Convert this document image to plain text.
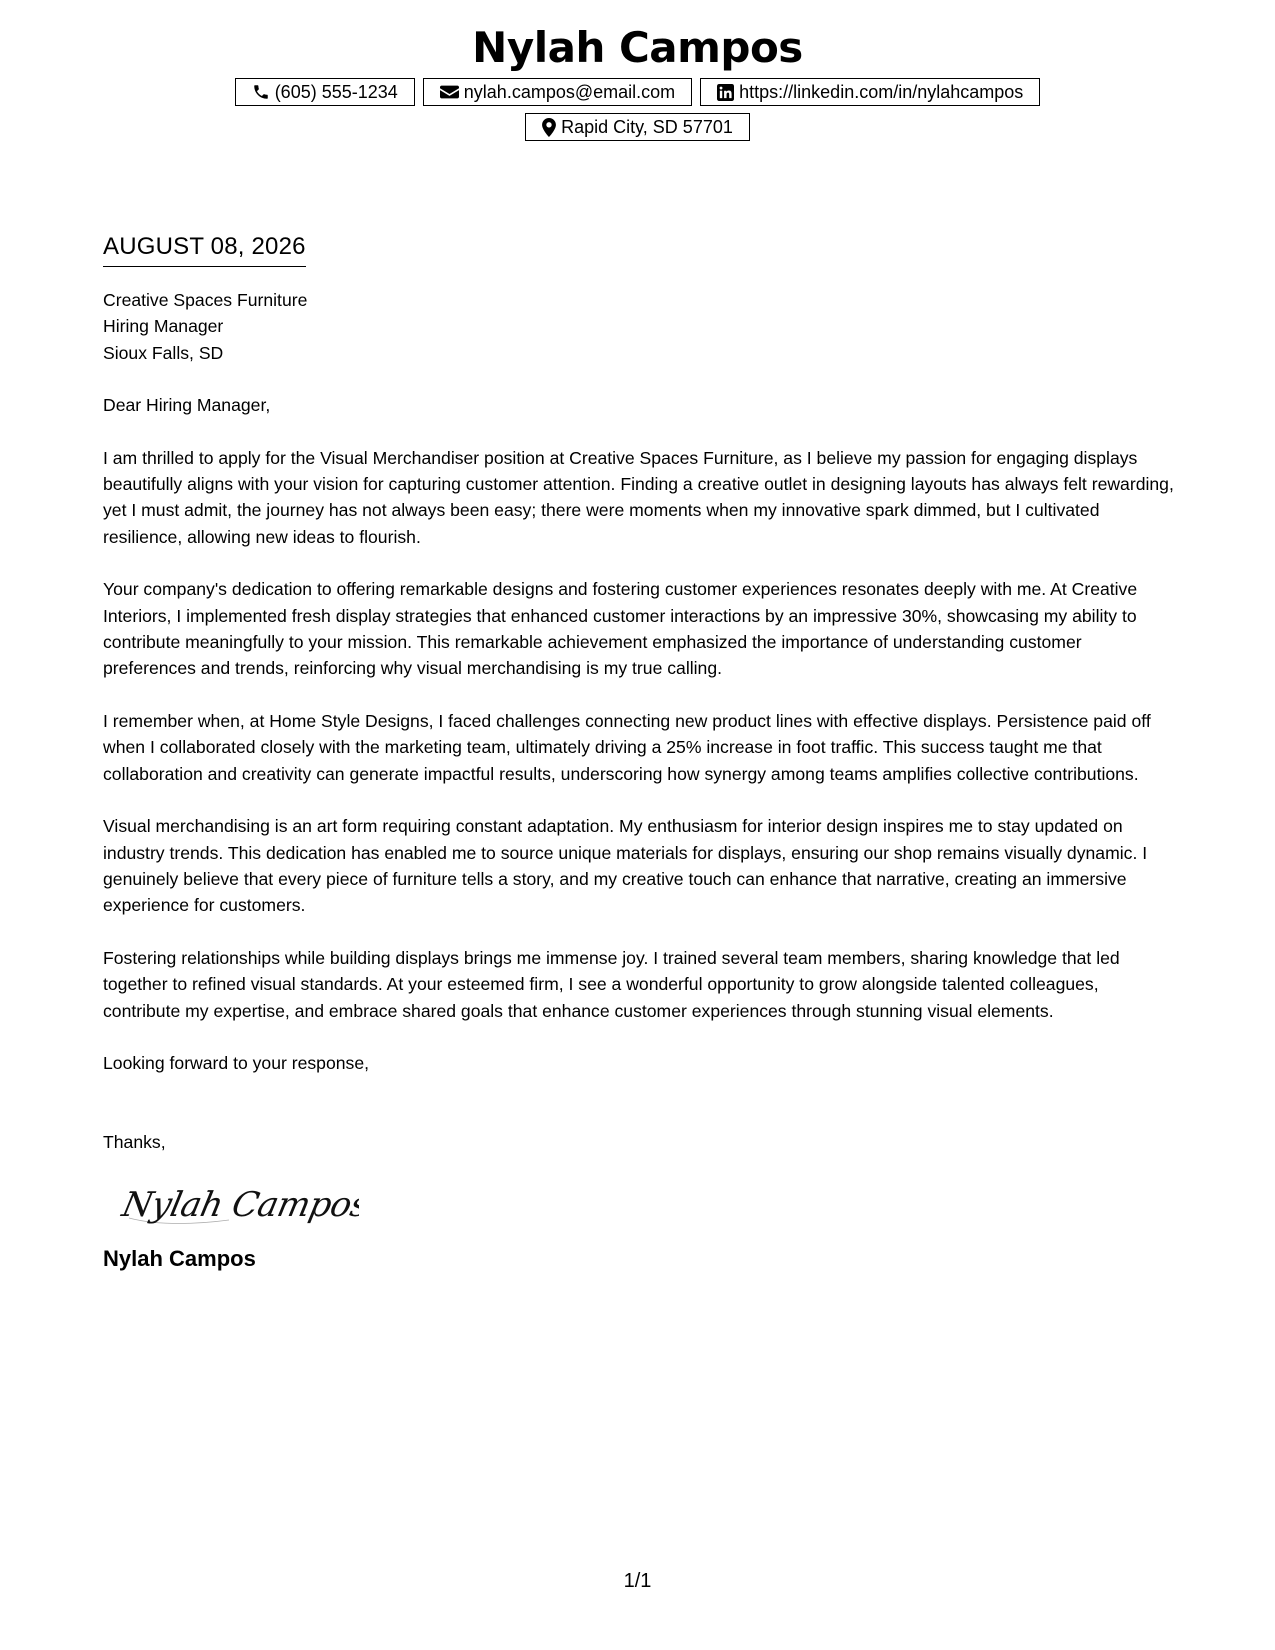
Nylah Campos
(605) 555-1234	nylah.campos@email.com	https://linkedin.com/in/nylahcampos
Rapid City, SD 57701
AUGUST 08, 2026
Creative Spaces Furniture
Hiring Manager
Sioux Falls, SD
Dear Hiring Manager,
I am thrilled to apply for the Visual Merchandiser position at Creative Spaces Furniture, as I believe my passion for engaging displays beautifully aligns with your vision for capturing customer attention. Finding a creative outlet in designing layouts has always felt rewarding, yet I must admit, the journey has not always been easy; there were moments when my innovative spark dimmed, but I cultivated resilience, allowing new ideas to flourish.
Your company's dedication to offering remarkable designs and fostering customer experiences resonates deeply with me. At Creative Interiors, I implemented fresh display strategies that enhanced customer interactions by an impressive 30%, showcasing my ability to contribute meaningfully to your mission. This remarkable achievement emphasized the importance of understanding customer preferences and trends, reinforcing why visual merchandising is my true calling.
I remember when, at Home Style Designs, I faced challenges connecting new product lines with effective displays. Persistence paid off when I collaborated closely with the marketing team, ultimately driving a 25% increase in foot traffic. This success taught me that collaboration and creativity can generate impactful results, underscoring how synergy among teams amplifies collective contributions.
Visual merchandising is an art form requiring constant adaptation. My enthusiasm for interior design inspires me to stay updated on industry trends. This dedication has enabled me to source unique materials for displays, ensuring our shop remains visually dynamic. I genuinely believe that every piece of furniture tells a story, and my creative touch can enhance that narrative, creating an immersive experience for customers.
Fostering relationships while building displays brings me immense joy. I trained several team members, sharing knowledge that led together to refined visual standards. At your esteemed firm, I see a wonderful opportunity to grow alongside talented colleagues, contribute my expertise, and embrace shared goals that enhance customer experiences through stunning visual elements.
Looking forward to your response,
Thanks,
Nylah Campos
Nylah Campos
1/1
